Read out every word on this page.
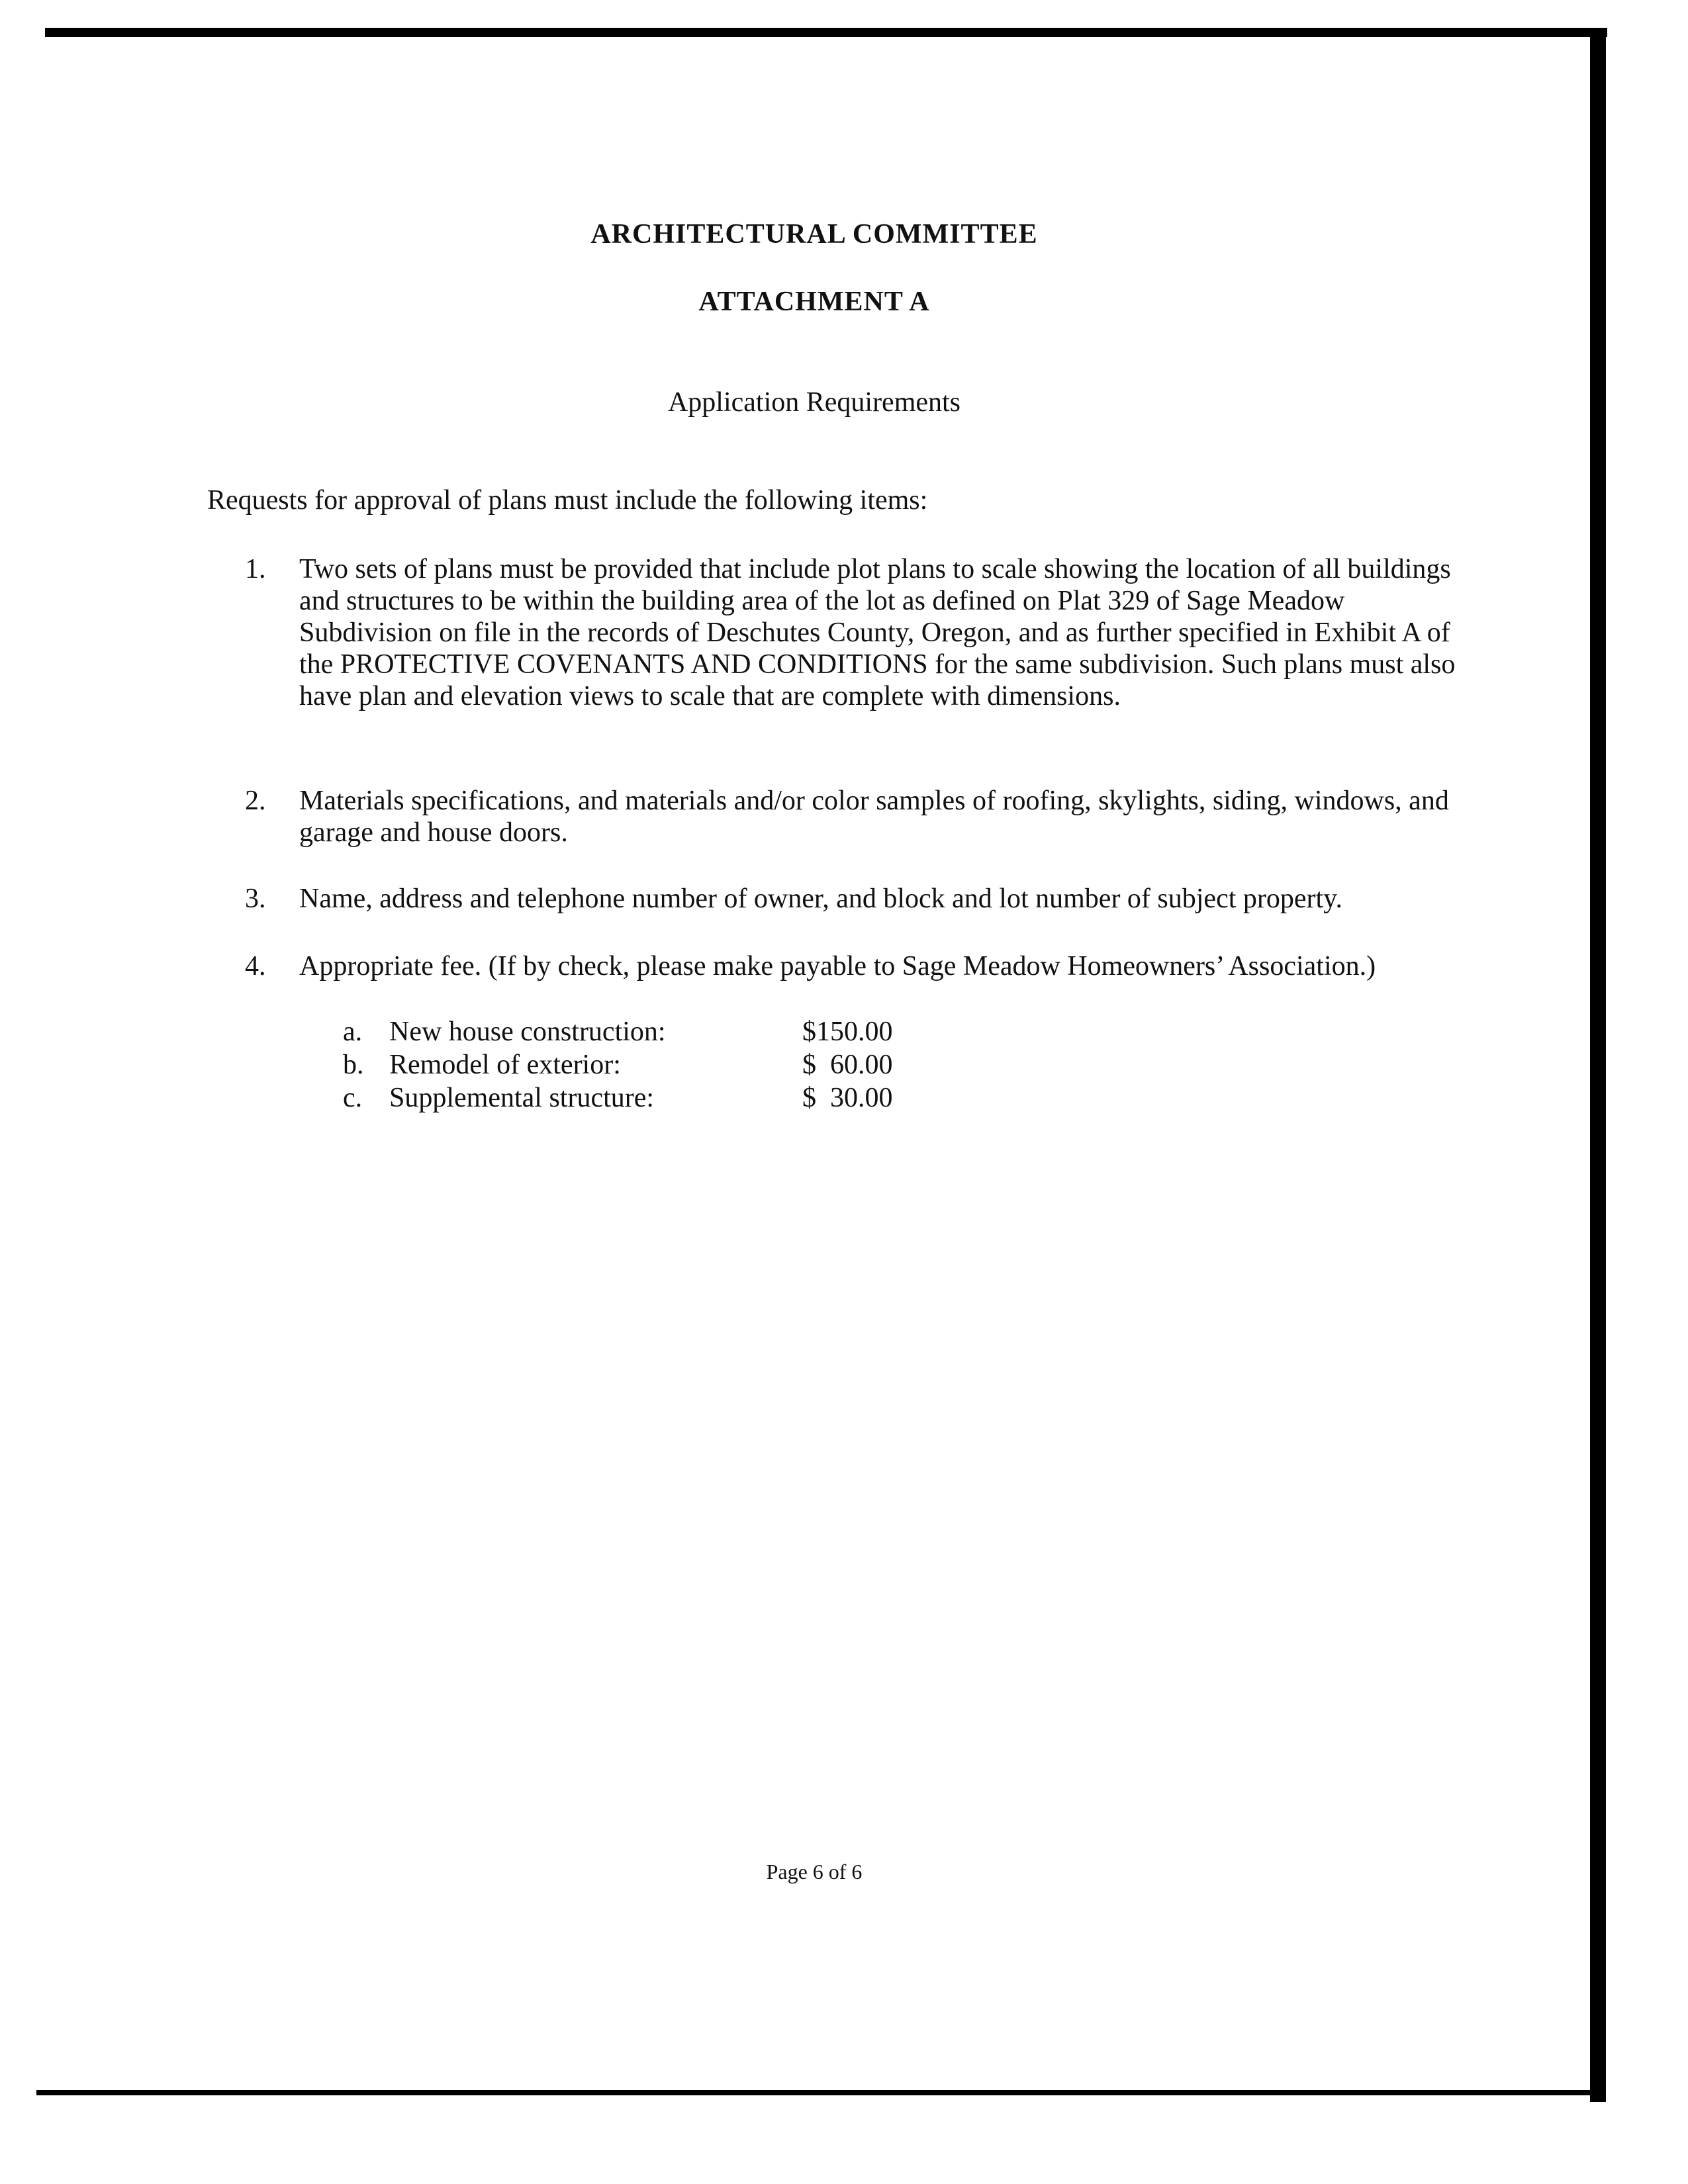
ARCHITECTURAL COMMITTEE
ATTACHMENT A

Application Requirements

Requests for approval of plans must include the following items:

1. Two sets of plans must be provided that include plot plans to scale showing the location of all buildings and structures to be within the building area of the lot as defined on Plat 329 of Sage Meadow Subdivision on file in the records of Deschutes County, Oregon, and as further specified in Exhibit A of the PROTECTIVE COVENANTS AND CONDITIONS for the same subdivision. Such plans must also have plan and elevation views to scale that are complete with dimensions.

2. Materials specifications, and materials and/or color samples of roofing, skylights, siding, windows, and garage and house doors.

3. Name, address and telephone number of owner, and block and lot number of subject property.

4. Appropriate fee. (If by check, please make payable to Sage Meadow Homeowners’ Association.)

a. New house construction:	$150.00
b. Remodel of exterior:	$  60.00
c. Supplemental structure:	$  30.00

Page 6 of 6
